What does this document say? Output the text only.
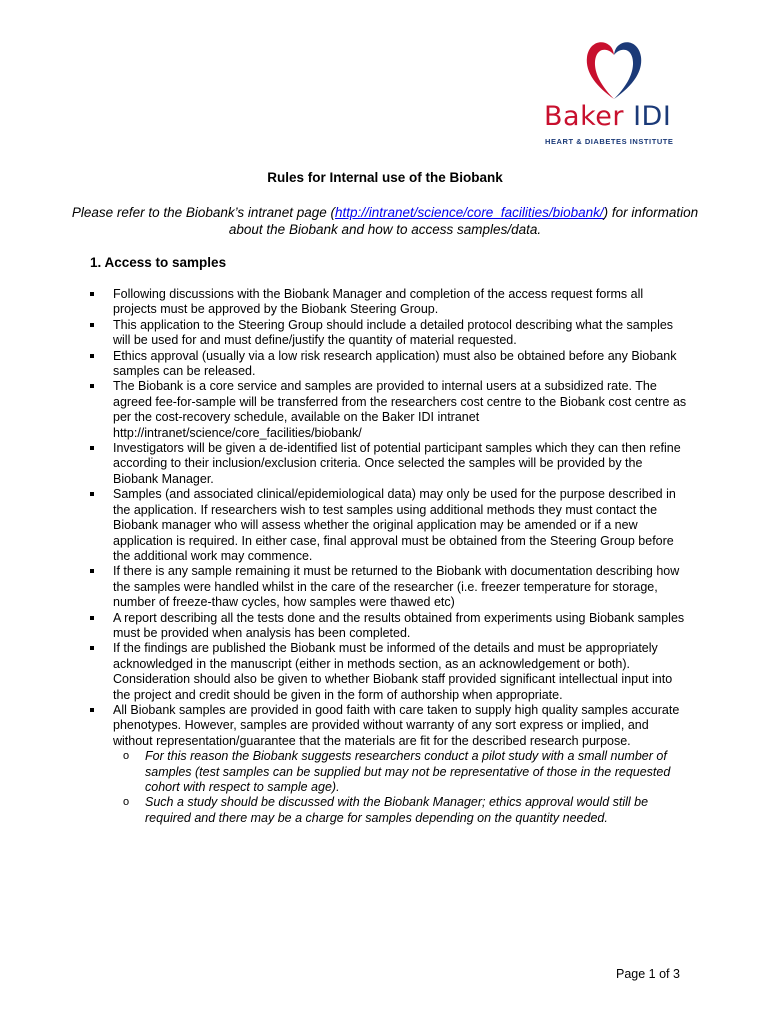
Baker IDI
HEART & DIABETES INSTITUTE
Rules for Internal use of the Biobank
Please refer to the Biobank’s intranet page (http://intranet/science/core_facilities/biobank/) for information about the Biobank and how to access samples/data.
1. Access to samples
Following discussions with the Biobank Manager and completion of the access request forms all projects must be approved by the Biobank Steering Group.
This application to the Steering Group should include a detailed protocol describing what the samples will be used for and must define/justify the quantity of material requested.
Ethics approval (usually via a low risk research application) must also be obtained before any Biobank samples can be released.
The Biobank is a core service and samples are provided to internal users at a subsidized rate. The agreed fee-for-sample will be transferred from the researchers cost centre to the Biobank cost centre as per the cost-recovery schedule, available on the Baker IDI intranet http://intranet/science/core_facilities/biobank/
Investigators will be given a de-identified list of potential participant samples which they can then refine according to their inclusion/exclusion criteria. Once selected the samples will be provided by the Biobank Manager.
Samples (and associated clinical/epidemiological data) may only be used for the purpose described in the application. If researchers wish to test samples using additional methods they must contact the Biobank manager who will assess whether the original application may be amended or if a new application is required. In either case, final approval must be obtained from the Steering Group before the additional work may commence.
If there is any sample remaining it must be returned to the Biobank with documentation describing how the samples were handled whilst in the care of the researcher (i.e. freezer temperature for storage, number of freeze-thaw cycles, how samples were thawed etc)
A report describing all the tests done and the results obtained from experiments using Biobank samples must be provided when analysis has been completed.
If the findings are published the Biobank must be informed of the details and must be appropriately acknowledged in the manuscript (either in methods section, as an acknowledgement or both). Consideration should also be given to whether Biobank staff provided significant intellectual input into the project and credit should be given in the form of authorship when appropriate.
All Biobank samples are provided in good faith with care taken to supply high quality samples accurate phenotypes. However, samples are provided without warranty of any sort express or implied, and without representation/guarantee that the materials are fit for the described research purpose.
o For this reason the Biobank suggests researchers conduct a pilot study with a small number of samples (test samples can be supplied but may not be representative of those in the requested cohort with respect to sample age).
o Such a study should be discussed with the Biobank Manager; ethics approval would still be required and there may be a charge for samples depending on the quantity needed.
Page 1 of 3
